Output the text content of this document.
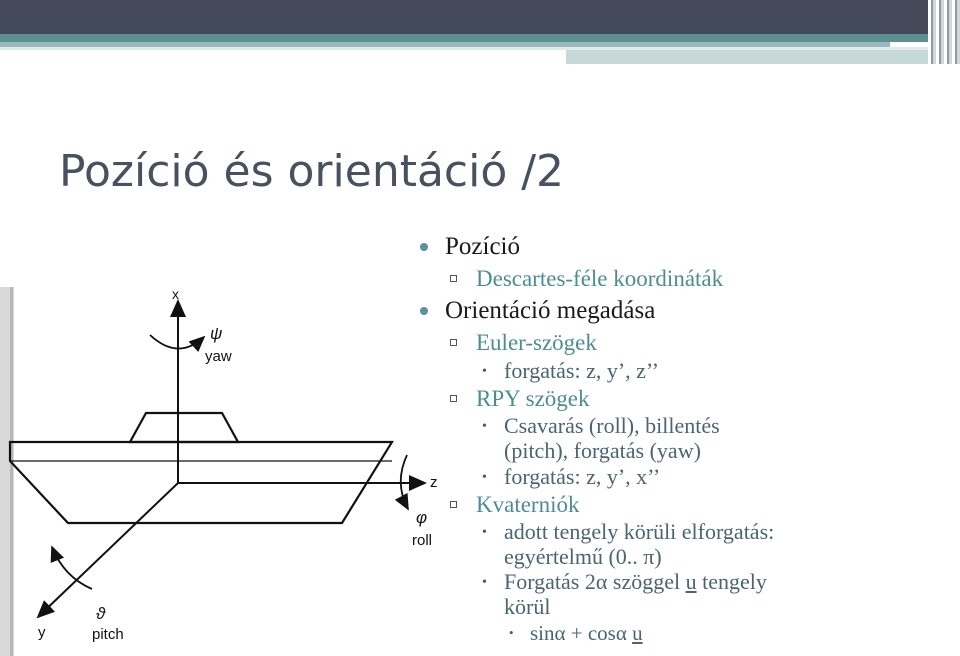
Pozíció és orientáció /2
x
z
y
ψ
yaw
φ
roll
ϑ
pitch
Pozíció
Descartes-féle koordináták
Orientáció megadása
Euler-szögek
• forgatás: z, y’, z’’
RPY szögek
• Csavarás (roll), billentés
(pitch), forgatás (yaw)
• forgatás: z, y’, x’’
Kvaterniók
• adott tengely körüli elforgatás:
egyértelmű (0.. π)
• Forgatás 2α szöggel u tengely
körül
• sinα + cosα u
